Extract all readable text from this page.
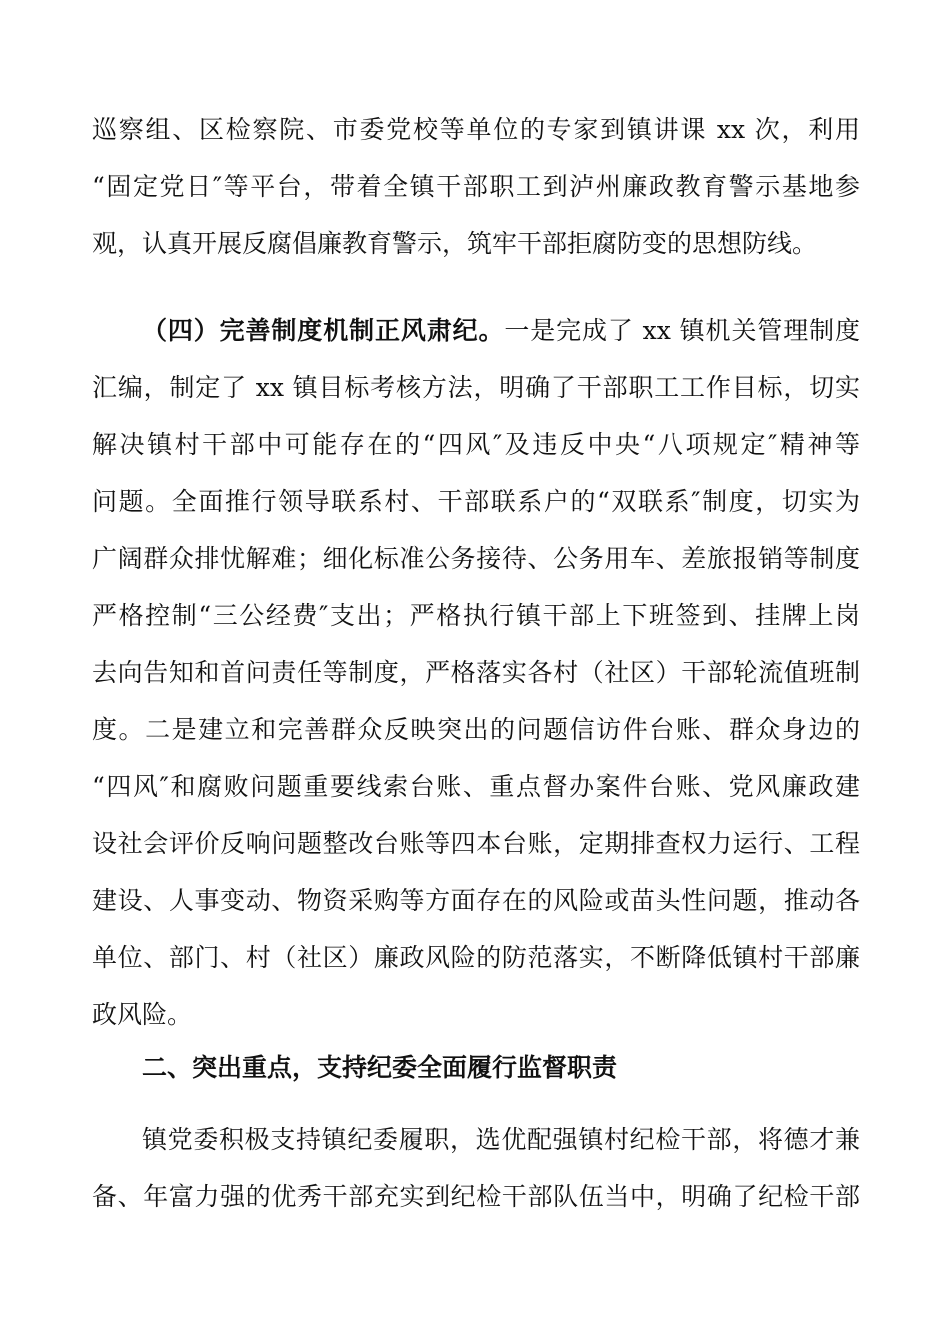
巡察组、区检察院、市委党校等单位的专家到镇讲课 xx 次，利用
“固定党日″等平台，带着全镇干部职工到泸州廉政教育警示基地参
观，认真开展反腐倡廉教育警示，筑牢干部拒腐防变的思想防线。
（四）完善制度机制正风肃纪。一是完成了 xx 镇机关管理制度
汇编，制定了 xx 镇目标考核方法，明确了干部职工工作目标，切实
解决镇村干部中可能存在的“四风″及违反中央“八项规定″精神等
问题。全面推行领导联系村、干部联系户的“双联系″制度，切实为
广阔群众排忧解难；细化标准公务接待、公务用车、差旅报销等制度
严格控制“三公经费″支出；严格执行镇干部上下班签到、挂牌上岗
去向告知和首问责任等制度，严格落实各村（社区）干部轮流值班制
度。二是建立和完善群众反映突出的问题信访件台账、群众身边的
“四风″和腐败问题重要线索台账、重点督办案件台账、党风廉政建
设社会评价反响问题整改台账等四本台账，定期排查权力运行、工程
建设、人事变动、物资采购等方面存在的风险或苗头性问题，推动各
单位、部门、村（社区）廉政风险的防范落实，不断降低镇村干部廉
政风险。
二、突出重点，支持纪委全面履行监督职责
镇党委积极支持镇纪委履职，选优配强镇村纪检干部，将德才兼
备、年富力强的优秀干部充实到纪检干部队伍当中，明确了纪检干部
